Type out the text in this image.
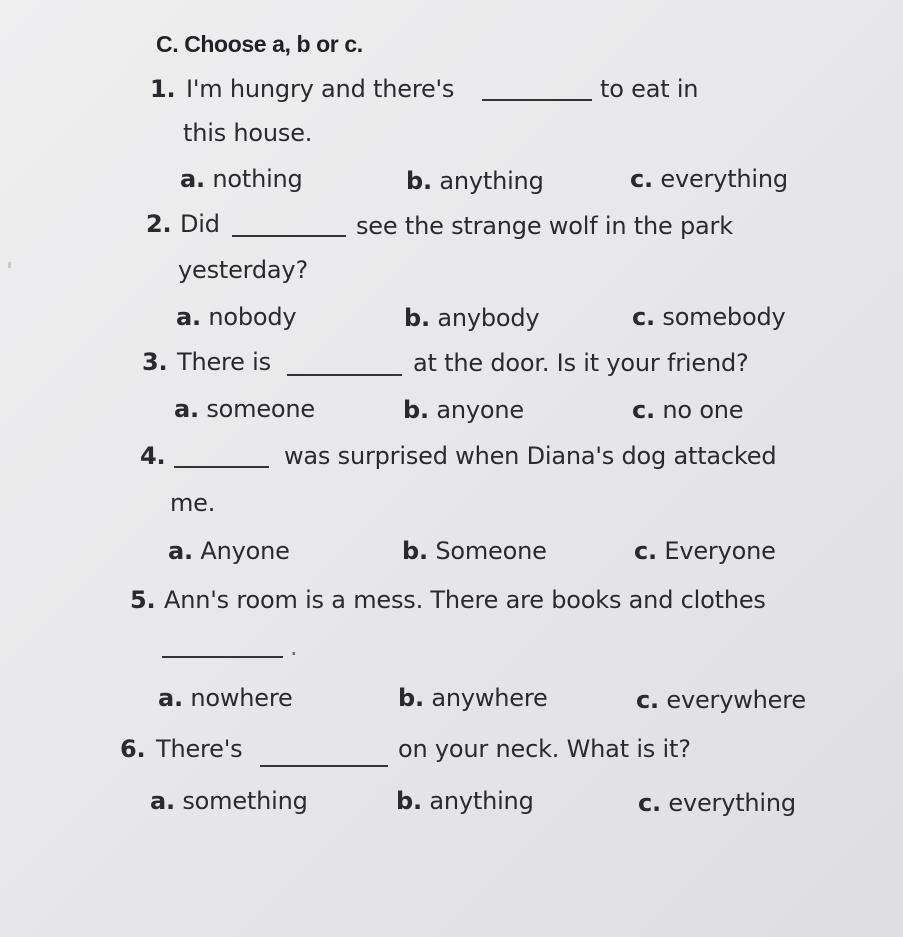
C. Choose a, b or c.
1. I'm hungry and there's	to eat in
this house.
a. nothing	b. anything	c. everything
2. Did	see the strange wolf in the park
yesterday?
a. nobody	b. anybody	c. somebody
3. There is	at the door. Is it your friend?
a. someone	b. anyone	c. no one
4.	was surprised when Diana's dog attacked
me.
a. Anyone	b. Someone	c. Everyone
5. Ann's room is a mess. There are books and clothes
.
a. nowhere	b. anywhere	c. everywhere
6. There's	on your neck. What is it?
a. something	b. anything	c. everything
